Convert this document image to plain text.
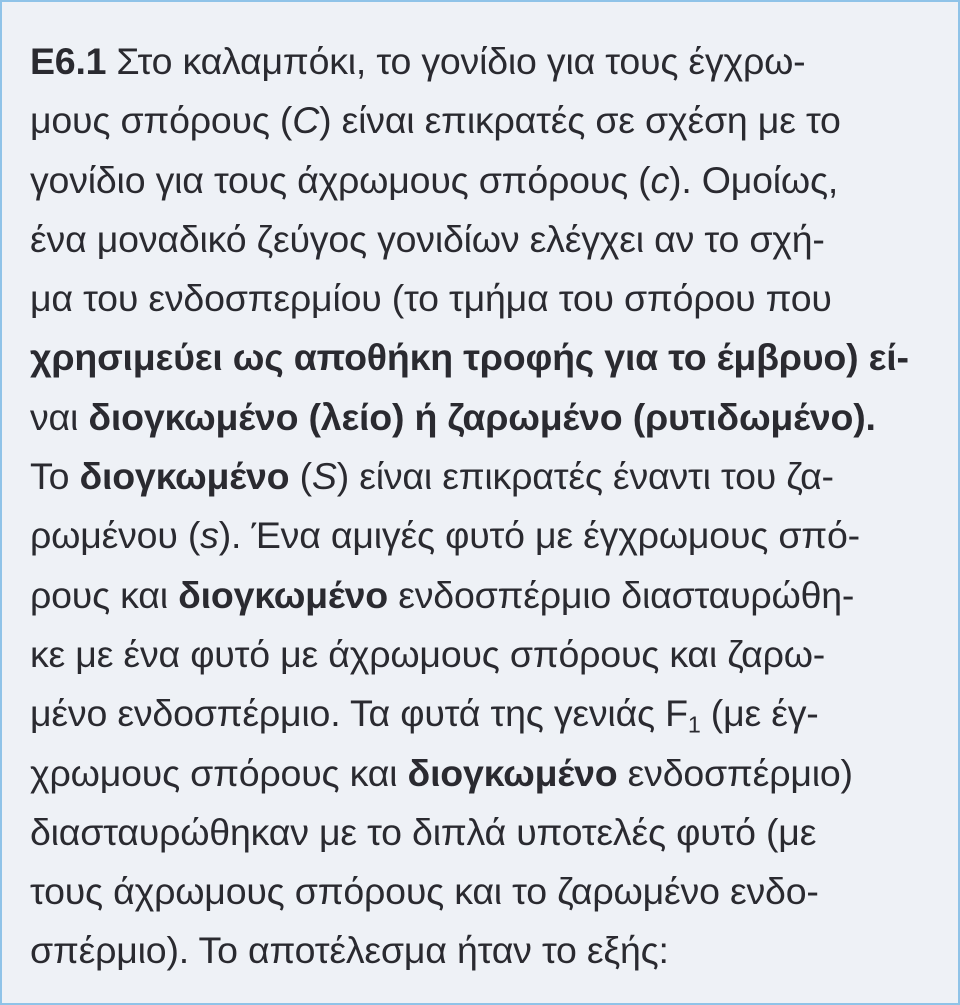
Ε6.1 Στο καλαμπόκι, το γονίδιο για τους έγχρω-
μους σπόρους (C) είναι επικρατές σε σχέση με το
γονίδιο για τους άχρωμους σπόρους (c). Ομοίως,
ένα μοναδικό ζεύγος γονιδίων ελέγχει αν το σχή-
μα του ενδοσπερμίου (το τμήμα του σπόρου που
χρησιμεύει ως αποθήκη τροφής για το έμβρυο) εί-
ναι διογκωμένο (λείο) ή ζαρωμένο (ρυτιδωμένο).
Το διογκωμένο (S) είναι επικρατές έναντι του ζα-
ρωμένου (s). Ένα αμιγές φυτό με έγχρωμους σπό-
ρους και διογκωμένο ενδοσπέρμιο διασταυρώθη-
κε με ένα φυτό με άχρωμους σπόρους και ζαρω-
μένο ενδοσπέρμιο. Τα φυτά της γενιάς $F_1$ (με έγ-
χρωμους σπόρους και διογκωμένο ενδοσπέρμιο)
διασταυρώθηκαν με το διπλά υποτελές φυτό (με
τους άχρωμους σπόρους και το ζαρωμένο ενδο-
σπέρμιο). Το αποτέλεσμα ήταν το εξής:
